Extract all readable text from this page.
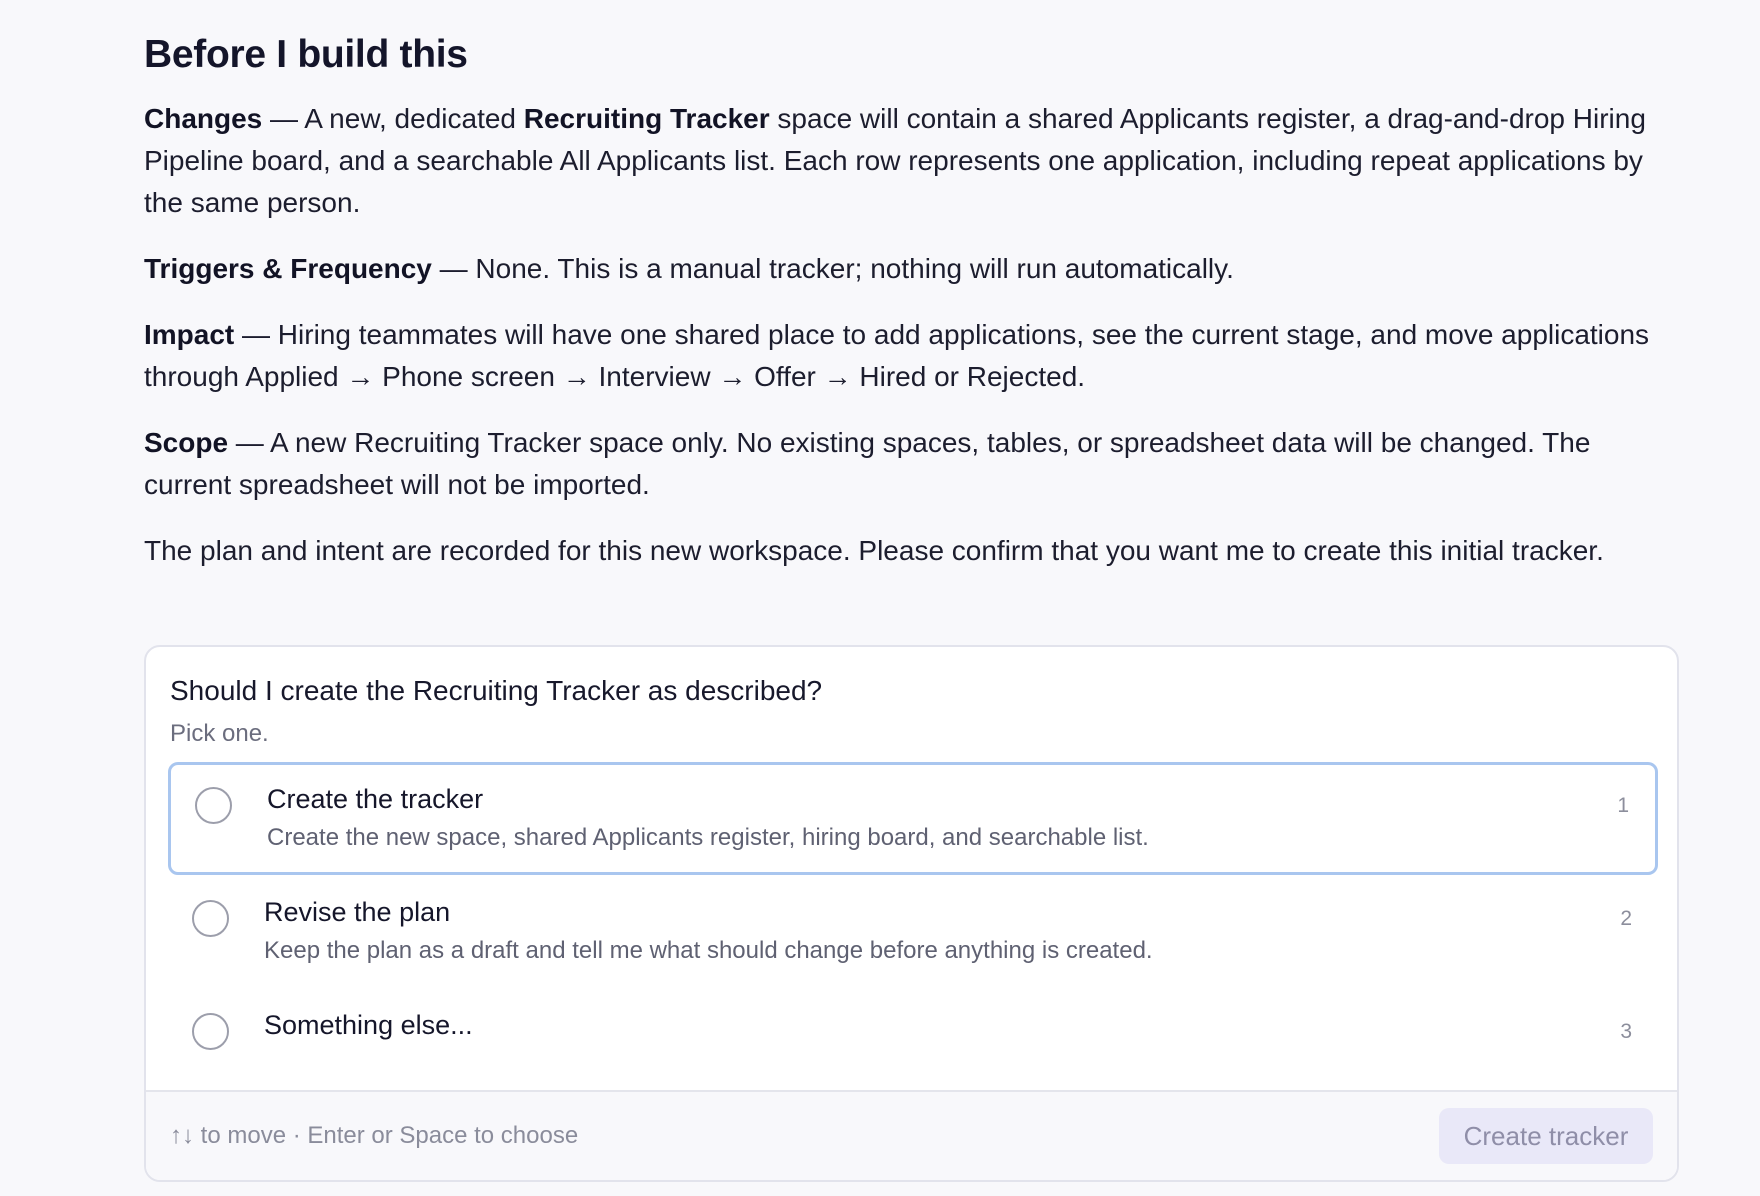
Before I build this

Changes — A new, dedicated Recruiting Tracker space will contain a shared Applicants register, a drag-and-drop Hiring Pipeline board, and a searchable All Applicants list. Each row represents one application, including repeat applications by the same person.

Triggers & Frequency — None. This is a manual tracker; nothing will run automatically.

Impact — Hiring teammates will have one shared place to add applications, see the current stage, and move applications through Applied → Phone screen → Interview → Offer → Hired or Rejected.

Scope — A new Recruiting Tracker space only. No existing spaces, tables, or spreadsheet data will be changed. The current spreadsheet will not be imported.

The plan and intent are recorded for this new workspace. Please confirm that you want me to create this initial tracker.

Should I create the Recruiting Tracker as described?
Pick one.
Create the tracker
Create the new space, shared Applicants register, hiring board, and searchable list.
1
Revise the plan
Keep the plan as a draft and tell me what should change before anything is created.
2
Something else...	3
↑↓ to move · Enter or Space to choose	Create tracker
